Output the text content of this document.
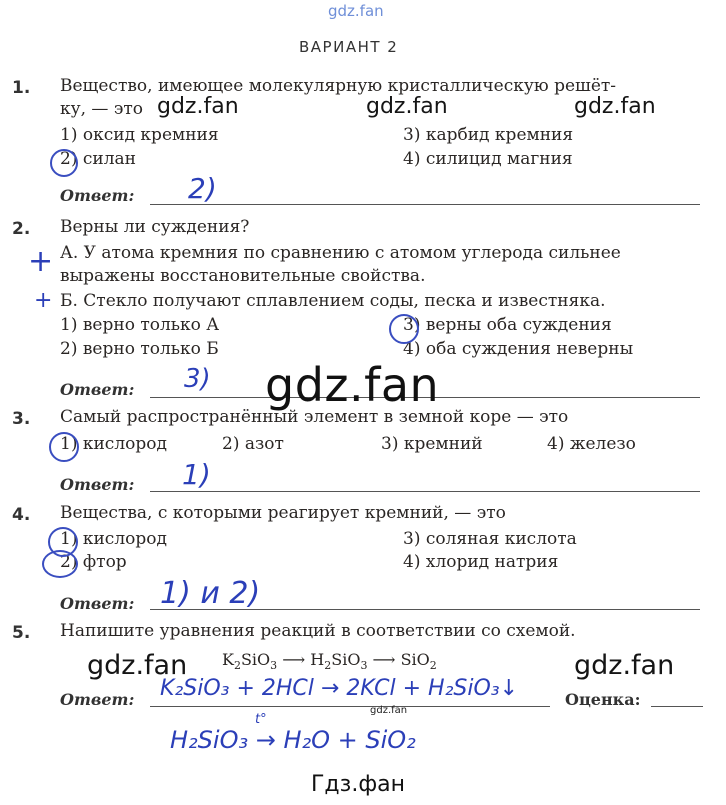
gdz.fan
ВАРИАНТ 2
1. Вещество, имеющее молекулярную кристаллическую решёт-
ку, — это gdz.fan	gdz.fan	gdz.fan
1) оксид кремния	3) карбид кремния
2) силан	4) силицид магния
Ответ: 2)
2. Верны ли суждения?
А. У атома кремния по сравнению с атомом углерода сильнее
выражены восстановительные свойства.
Б. Стекло получают сплавлением соды, песка и известняка.
+
+
1) верно только А	3) верны оба суждения
2) верно только Б	4) оба суждения неверны
Ответ: 3) gdz.fan
3. Самый распространённый элемент в земной коре — это
1) кислород	2) азот	3) кремний	4) железо
Ответ: 1)
4. Вещества, с которыми реагирует кремний, — это
1) кислород	3) соляная кислота
2) фтор	4) хлорид натрия
Ответ: 1) и 2)
5. Напишите уравнения реакций в соответствии со схемой.
gdz.fan	gdz.fan
$K_2SiO_3$ ⟶ $H_2SiO_3$ ⟶ SiO$_2$
Ответ:	Оценка:
K₂SiO₃ + 2HCl → 2KCl + H₂SiO₃↓
gdz.fan
t°
H₂SiO₃ → H₂O + SiO₂
Гдз.фан
